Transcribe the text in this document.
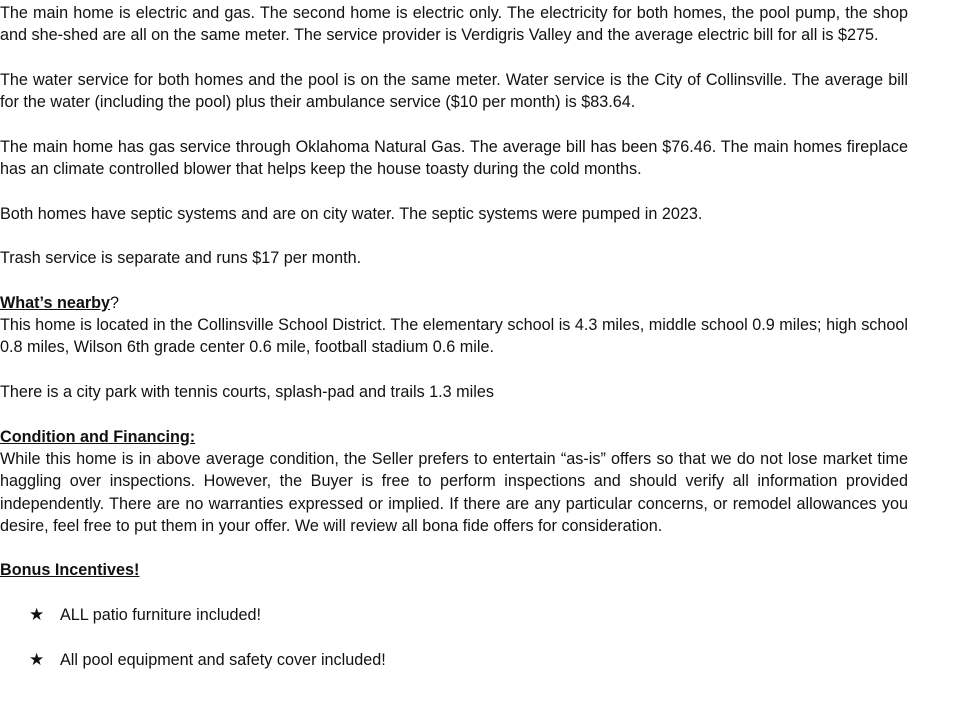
The main home is electric and gas. The second home is electric only. The electricity for both homes, the pool pump, the shop and she-shed are all on the same meter. The service provider is Verdigris Valley and the average electric bill for all is $275.

The water service for both homes and the pool is on the same meter. Water service is the City of Collinsville. The average bill for the water (including the pool) plus their ambulance service ($10 per month) is $83.64.

The main home has gas service through Oklahoma Natural Gas. The average bill has been $76.46. The main homes fireplace has an climate controlled blower that helps keep the house toasty during the cold months.

Both homes have septic systems and are on city water. The septic systems were pumped in 2023.

Trash service is separate and runs $17 per month.

What’s nearby?

This home is located in the Collinsville School District. The elementary school is 4.3 miles, middle school 0.9 miles; high school 0.8 miles, Wilson 6th grade center 0.6 mile, football stadium 0.6 mile.

There is a city park with tennis courts, splash-pad and trails 1.3 miles

Condition and Financing:

While this home is in above average condition, the Seller prefers to entertain “as-is” offers so that we do not lose market time haggling over inspections. However, the Buyer is free to perform inspections and should verify all information provided independently. There are no warranties expressed or implied. If there are any particular concerns, or remodel allowances you desire, feel free to put them in your offer. We will review all bona fide offers for consideration.

Bonus Incentives!

★ ALL patio furniture included!
★ All pool equipment and safety cover included!
